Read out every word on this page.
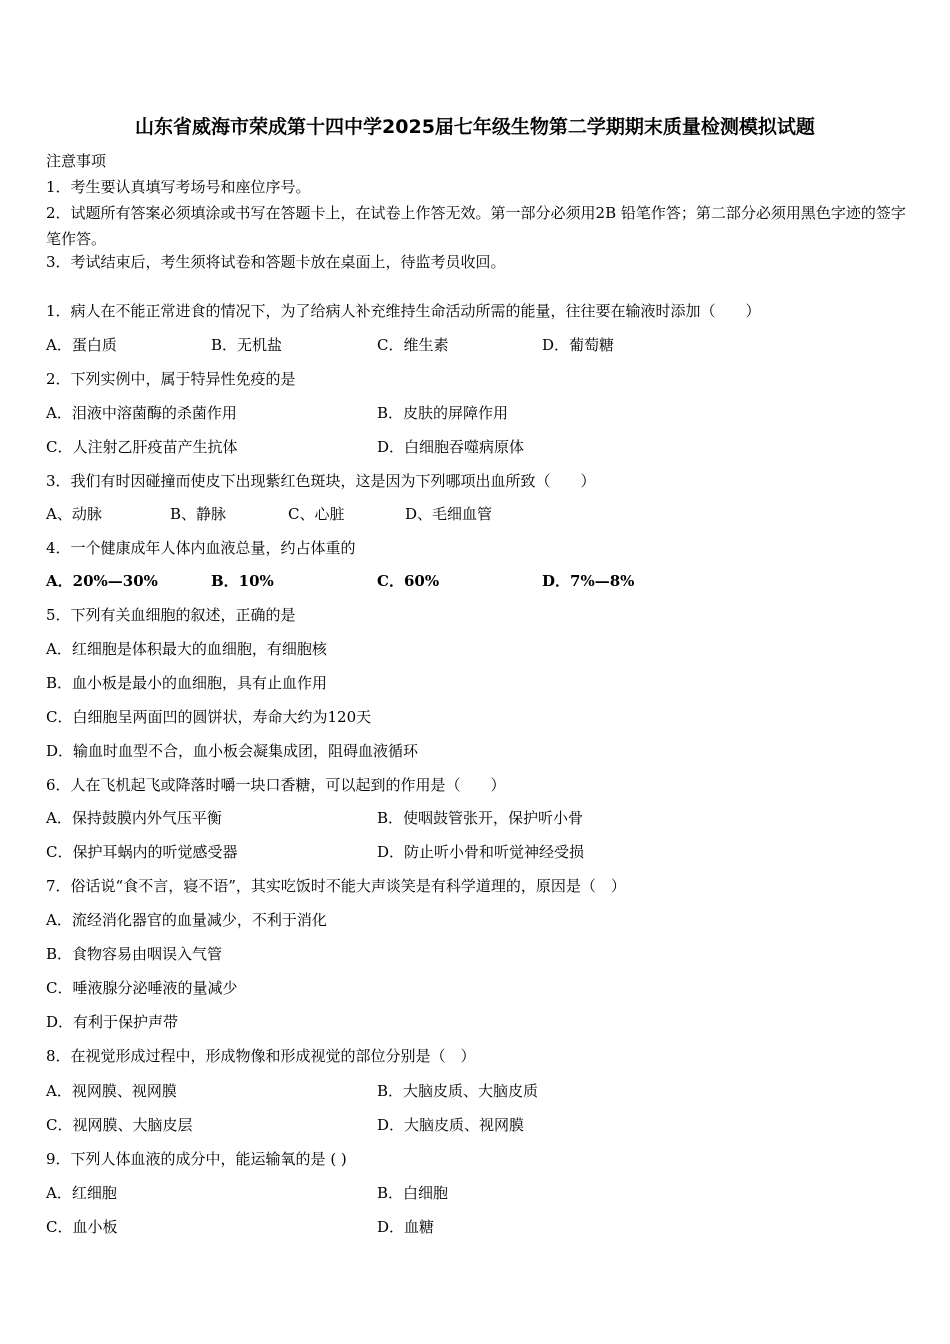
山东省威海市荣成第十四中学2025届七年级生物第二学期期末质量检测模拟试题
注意事项
1．考生要认真填写考场号和座位序号。
2．试题所有答案必须填涂或书写在答题卡上，在试卷上作答无效。第一部分必须用2B 铅笔作答；第二部分必须用黑色字迹的签字笔作答。
3．考试结束后，考生须将试卷和答题卡放在桌面上，待监考员收回。
1．病人在不能正常进食的情况下，为了给病人补充维持生命活动所需的能量，往往要在输液时添加（　　）
A．蛋白质	B．无机盐	C．维生素	D．葡萄糖
2．下列实例中，属于特异性免疫的是
A．泪液中溶菌酶的杀菌作用	B．皮肤的屏障作用
C．人注射乙肝疫苗产生抗体	D．白细胞吞噬病原体
3．我们有时因碰撞而使皮下出现紫红色斑块，这是因为下列哪项出血所致（　　）
A、动脉	B、静脉	C、心脏	D、毛细血管
4．一个健康成年人体内血液总量，约占体重的
A．20%—30%	B．10%	C．60%	D．7%—8%
5．下列有关血细胞的叙述，正确的是
A．红细胞是体积最大的血细胞，有细胞核
B．血小板是最小的血细胞，具有止血作用
C．白细胞呈两面凹的圆饼状，寿命大约为120天
D．输血时血型不合，血小板会凝集成团，阻碍血液循环
6．人在飞机起飞或降落时嚼一块口香糖，可以起到的作用是（　　）
A．保持鼓膜内外气压平衡	B．使咽鼓管张开，保护听小骨
C．保护耳蜗内的听觉感受器	D．防止听小骨和听觉神经受损
7．俗话说“食不言，寝不语”，其实吃饭时不能大声谈笑是有科学道理的，原因是（　）
A．流经消化器官的血量减少，不利于消化
B．食物容易由咽误入气管
C．唾液腺分泌唾液的量减少
D．有利于保护声带
8．在视觉形成过程中，形成物像和形成视觉的部位分别是（　）
A．视网膜、视网膜	B．大脑皮质、大脑皮质
C．视网膜、大脑皮层	D．大脑皮质、视网膜
9．下列人体血液的成分中，能运输氧的是 ( )
A．红细胞	B．白细胞
C．血小板	D．血糖
